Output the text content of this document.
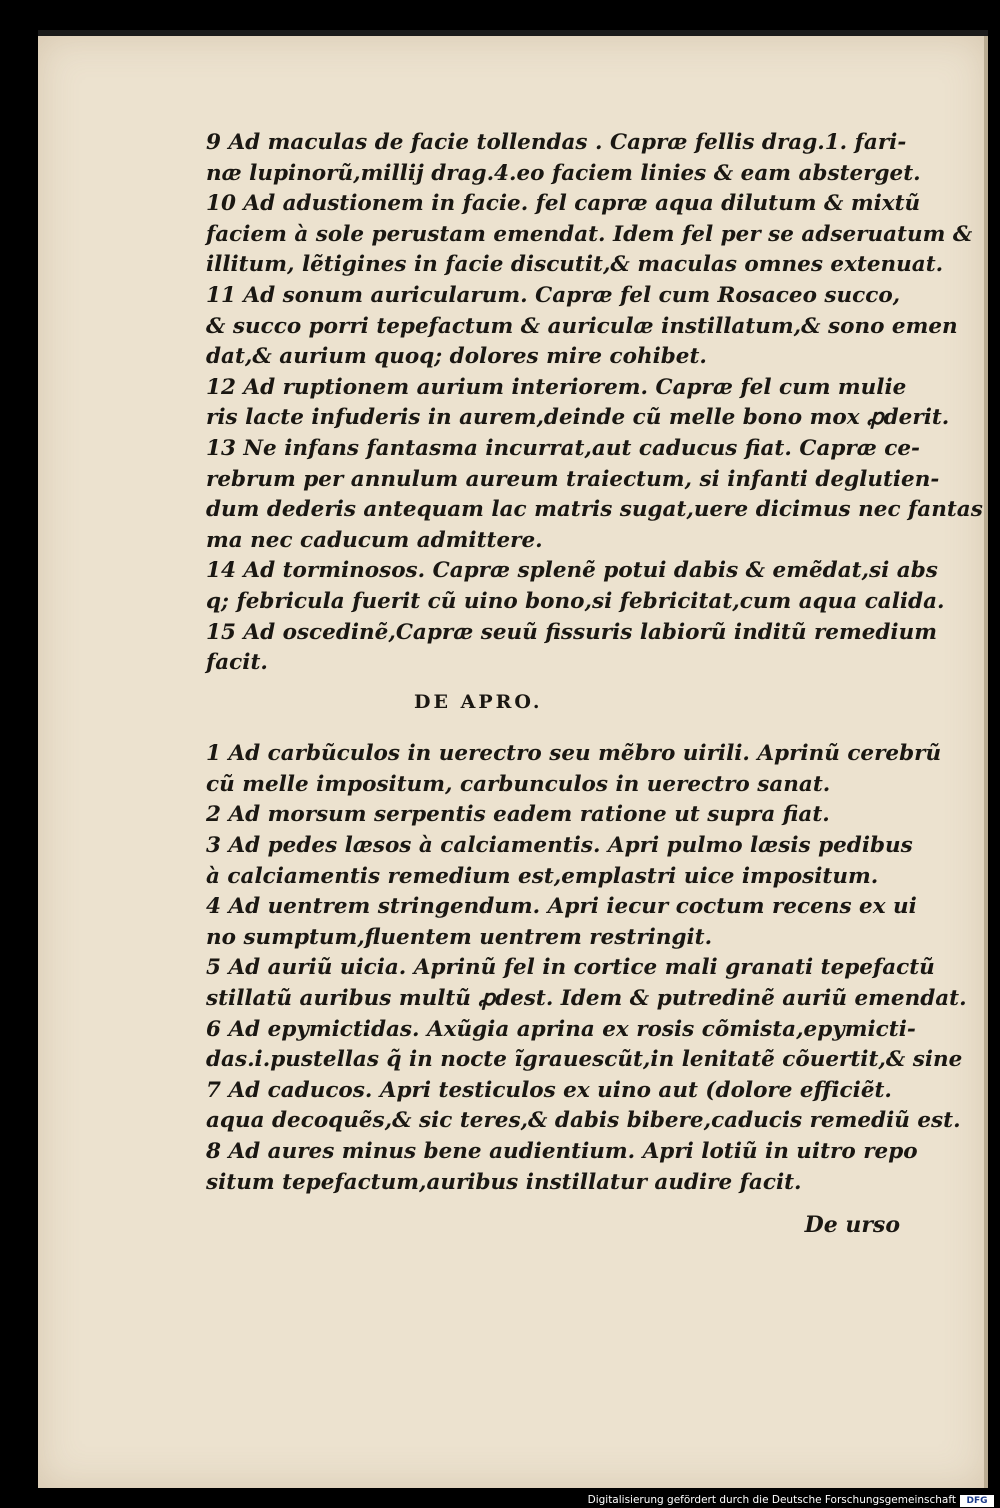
9 Ad maculas de facie tollendas . Capræ fellis drag.1. fari-
næ lupinorũ,millij drag.4.eo faciem linies & eam absterget.
10 Ad adustionem in facie. fel capræ aqua dilutum & mixtũ
faciem à sole perustam emendat. Idem fel per se adseruatum &
illitum, lẽtigines in facie discutit,& maculas omnes extenuat.
11 Ad sonum auricularum. Capræ fel cum Rosaceo succo,
& succo porri tepefactum & auriculæ instillatum,& sono emen
dat,& aurium quoq; dolores mire cohibet.
12 Ad ruptionem aurium interiorem. Capræ fel cum mulie
ris lacte infuderis in aurem,deinde cũ melle bono mox ꝓderit.
13 Ne infans fantasma incurrat,aut caducus fiat. Capræ ce-
rebrum per annulum aureum traiectum, si infanti deglutien-
dum dederis antequam lac matris sugat,uere dicimus nec fantas
ma nec caducum admittere.
14 Ad torminosos. Capræ splenẽ potui dabis & emẽdat,si abs
q; febricula fuerit cũ uino bono,si febricitat,cum aqua calida.
15 Ad oscedinẽ,Capræ seuũ fissuris labiorũ inditũ remedium
facit.
DE APRO.
1 Ad carbũculos in uerectro seu mẽbro uirili. Aprinũ cerebrũ
cũ melle impositum, carbunculos in uerectro sanat.
2 Ad morsum serpentis eadem ratione ut supra fiat.
3 Ad pedes læsos à calciamentis. Apri pulmo læsis pedibus
à calciamentis remedium est,emplastri uice impositum.
4 Ad uentrem stringendum. Apri iecur coctum recens ex ui
no sumptum,fluentem uentrem restringit.
5 Ad auriũ uicia. Aprinũ fel in cortice mali granati tepefactũ
stillatũ auribus multũ ꝓdest. Idem & putredinẽ auriũ emendat.
6 Ad epymictidas. Axũgia aprina ex rosis cõmista,epymicti-
das.i.pustellas q̃ in nocte ĩgrauescũt,in lenitatẽ cõuertit,& sine
7 Ad caducos. Apri testiculos ex uino aut (dolore efficiẽt.
aqua decoquẽs,& sic teres,& dabis bibere,caducis remediũ est.
8 Ad aures minus bene audientium. Apri lotiũ in uitro repo
situm tepefactum,auribus instillatur audire facit.
De urso
Digitalisierung gefördert durch die Deutsche Forschungsgemeinschaft	DFG
